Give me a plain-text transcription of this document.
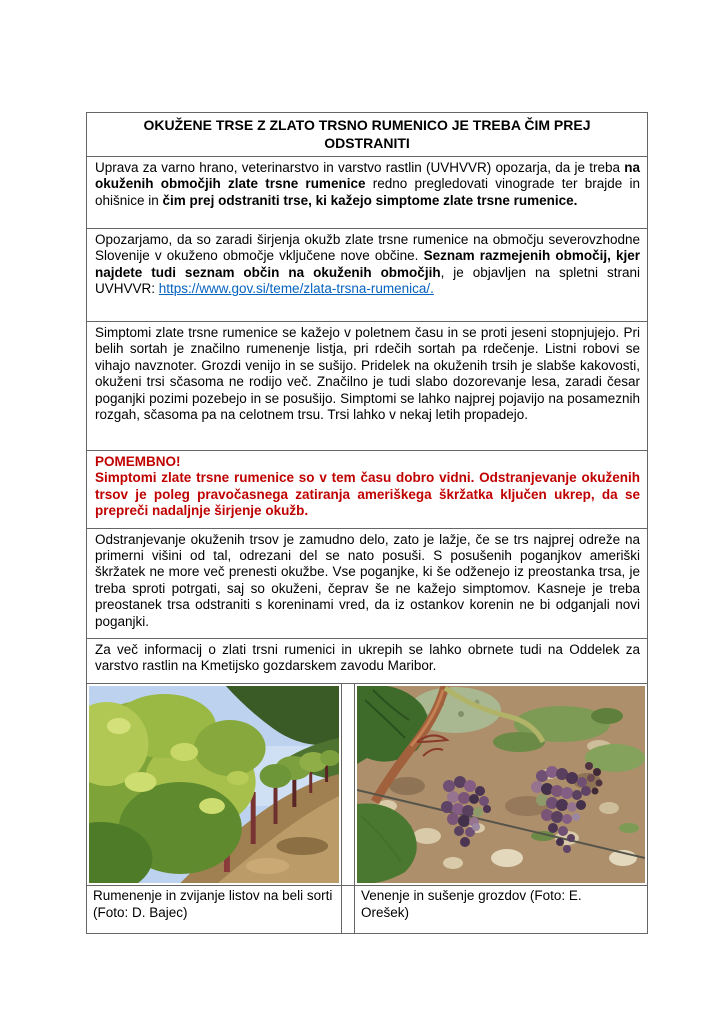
OKUŽENE TRSE Z ZLATO TRSNO RUMENICO JE TREBA ČIM PREJ ODSTRANITI
Uprava za varno hrano, veterinarstvo in varstvo rastlin (UVHVVR) opozarja, da je treba na okuženih območjih zlate trsne rumenice redno pregledovati vinograde ter brajde in ohišnice in čim prej odstraniti trse, ki kažejo simptome zlate trsne rumenice.
Opozarjamo, da so zaradi širjenja okužb zlate trsne rumenice na območju severovzhodne Slovenije v okuženo območje vključene nove občine. Seznam razmejenih območij, kjer najdete tudi seznam občin na okuženih območjih, je objavljen na spletni strani UVHVVR: https://www.gov.si/teme/zlata-trsna-rumenica/.
Simptomi zlate trsne rumenice se kažejo v poletnem času in se proti jeseni stopnjujejo. Pri belih sortah je značilno rumenenje listja, pri rdečih sortah pa rdečenje. Listni robovi se vihajo navznoter. Grozdi venijo in se sušijo. Pridelek na okuženih trsih je slabše kakovosti, okuženi trsi sčasoma ne rodijo več. Značilno je tudi slabo dozorevanje lesa, zaradi česar poganjki pozimi pozebejo in se posušijo. Simptomi se lahko najprej pojavijo na posameznih rozgah, sčasoma pa na celotnem trsu. Trsi lahko v nekaj letih propadejo.
POMEMBNO!
Simptomi zlate trsne rumenice so v tem času dobro vidni. Odstranjevanje okuženih trsov je poleg pravočasnega zatiranja ameriškega škržatka ključen ukrep, da se prepreči nadaljnje širjenje okužb.
Odstranjevanje okuženih trsov je zamudno delo, zato je lažje, če se trs najprej odreže na primerni višini od tal, odrezani del se nato posuši. S posušenih poganjkov ameriški škržatek ne more več prenesti okužbe. Vse poganjke, ki še odženejo iz preostanka trsa, je treba sproti potrgati, saj so okuženi, čeprav še ne kažejo simptomov. Kasneje je treba preostanek trsa odstraniti s koreninami vred, da iz ostankov korenin ne bi odganjali novi poganjki.
Za več informacij o zlati trsni rumenici in ukrepih se lahko obrnete tudi na Oddelek za varstvo rastlin na Kmetijsko gozdarskem zavodu Maribor.
Rumenenje in zvijanje listov na beli sorti (Foto: D. Bajec)
Venenje in sušenje grozdov (Foto: E. Orešek)
